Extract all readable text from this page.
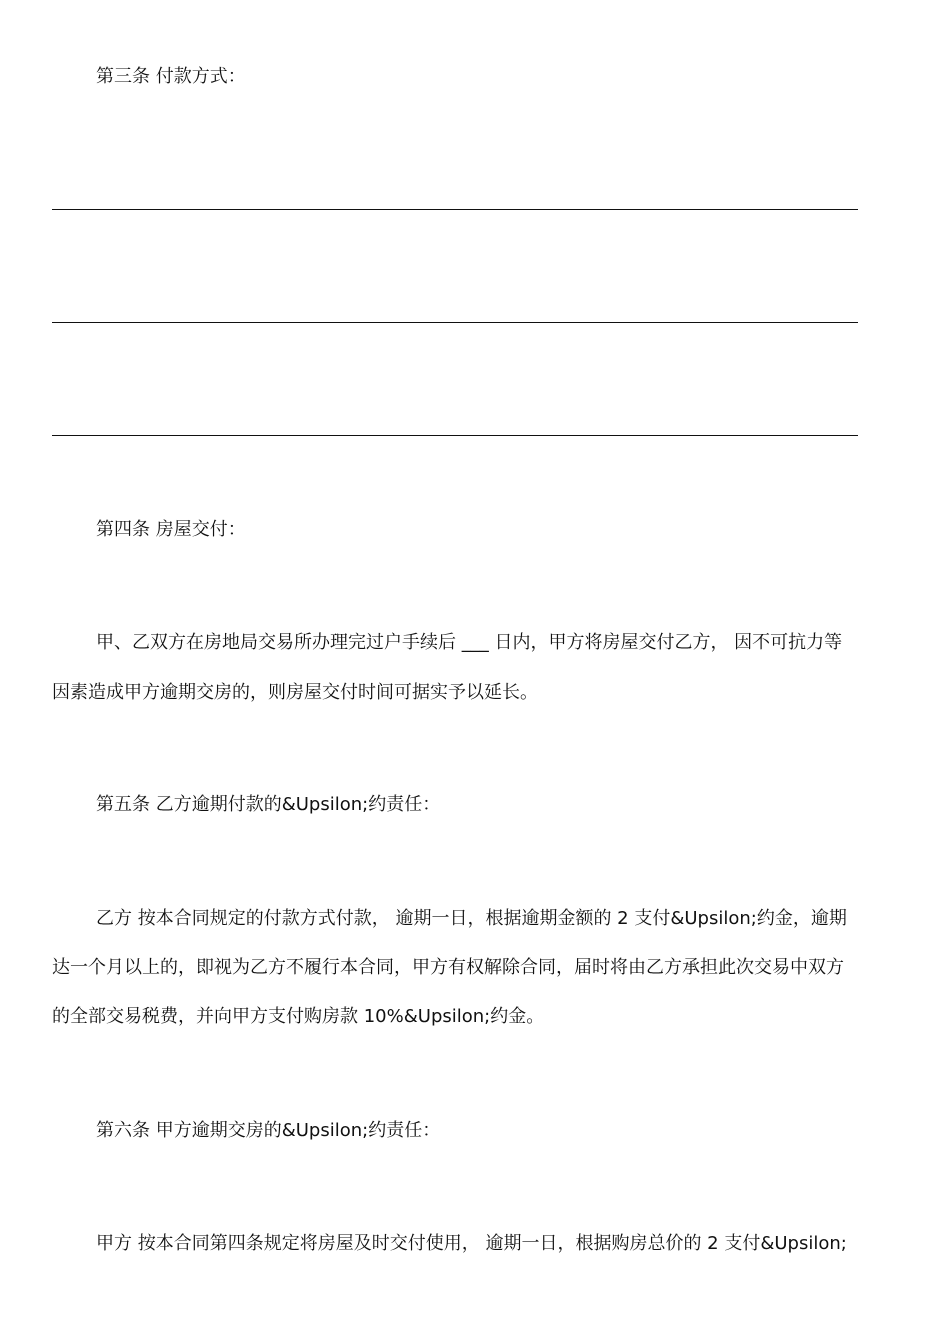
第三条 付款方式：
第四条 房屋交付：
甲、乙双方在房地局交易所办理完过户手续后 ___ 日内，甲方将房屋交付乙方， 因不可抗力等
因素造成甲方逾期交房的，则房屋交付时间可据实予以延长。
第五条 乙方逾期付款的&Upsilon;约责任：
乙方 按本合同规定的付款方式付款， 逾期一日，根据逾期金额的 2 支付&Upsilon;约金，逾期
达一个月以上的，即视为乙方不履行本合同，甲方有权解除合同，届时将由乙方承担此次交易中双方
的全部交易税费，并向甲方支付购房款 10%&Upsilon;约金。
第六条 甲方逾期交房的&Upsilon;约责任：
甲方 按本合同第四条规定将房屋及时交付使用， 逾期一日，根据购房总价的 2 支付&Upsilon;
